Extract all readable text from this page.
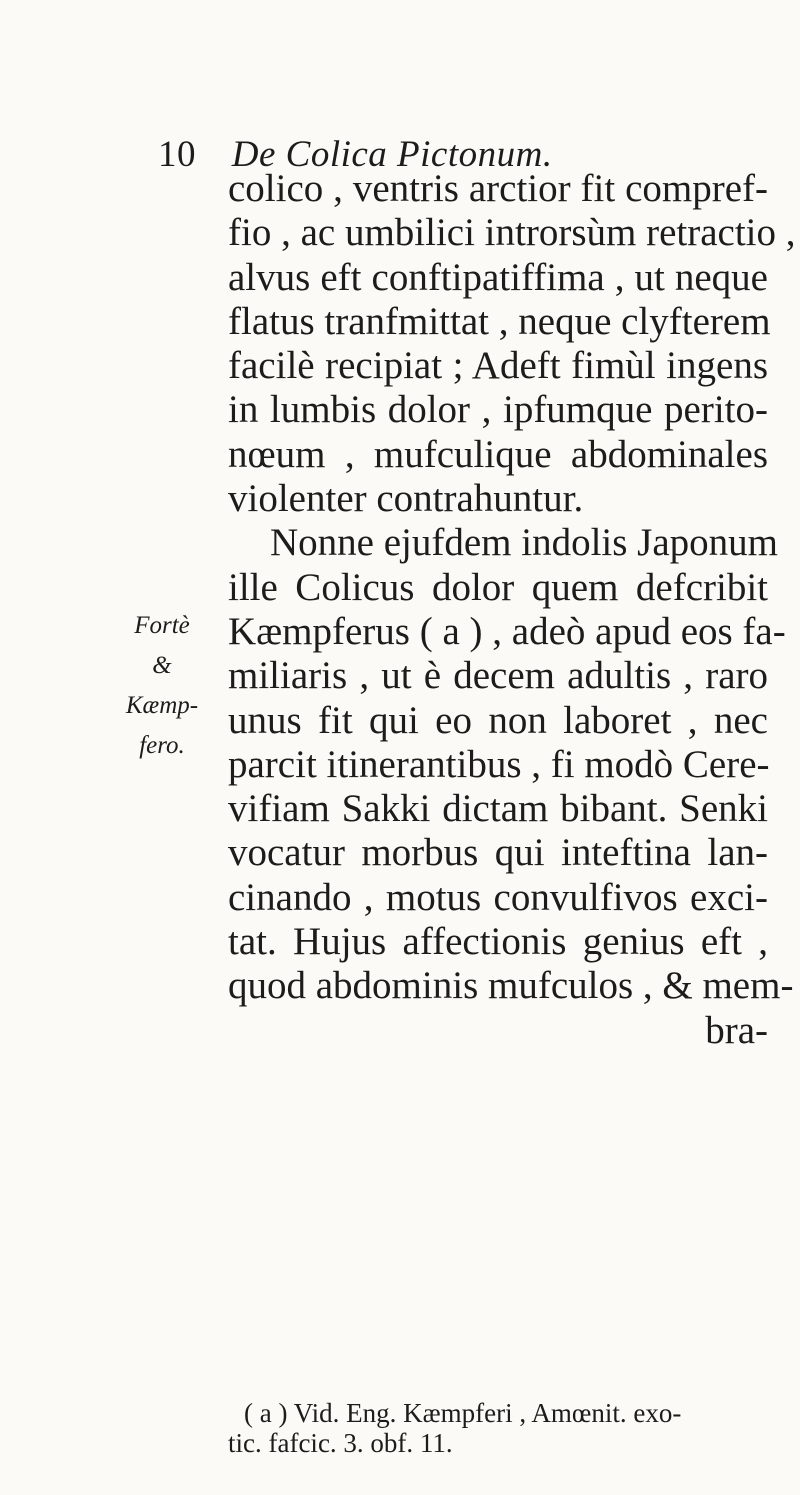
10 De Colica Pictonum.
Fortè
&
Kæmp-
fero.
colico , ventris arctior fit compref-
fio , ac umbilici introrsùm retractio ,
alvus eft conftipatiffima , ut neque
flatus tranfmittat , neque clyfterem
facilè recipiat ; Adeft fimùl ingens
in lumbis dolor , ipfumque perito-
nœum , mufculique abdominales
violenter contrahuntur.
Nonne ejufdem indolis Japonum
ille Colicus dolor quem defcribit
Kæmpferus ( a ) , adeò apud eos fa-
miliaris , ut è decem adultis , raro
unus fit qui eo non laboret , nec
parcit itinerantibus , fi modò Cere-
vifiam Sakki dictam bibant. Senki
vocatur morbus qui inteftina lan-
cinando , motus convulfivos exci-
tat. Hujus affectionis genius eft ,
quod abdominis mufculos , & mem-
bra-
( a ) Vid. Eng. Kæmpferi , Amœnit. exo-
tic. fafcic. 3. obf. 11.
